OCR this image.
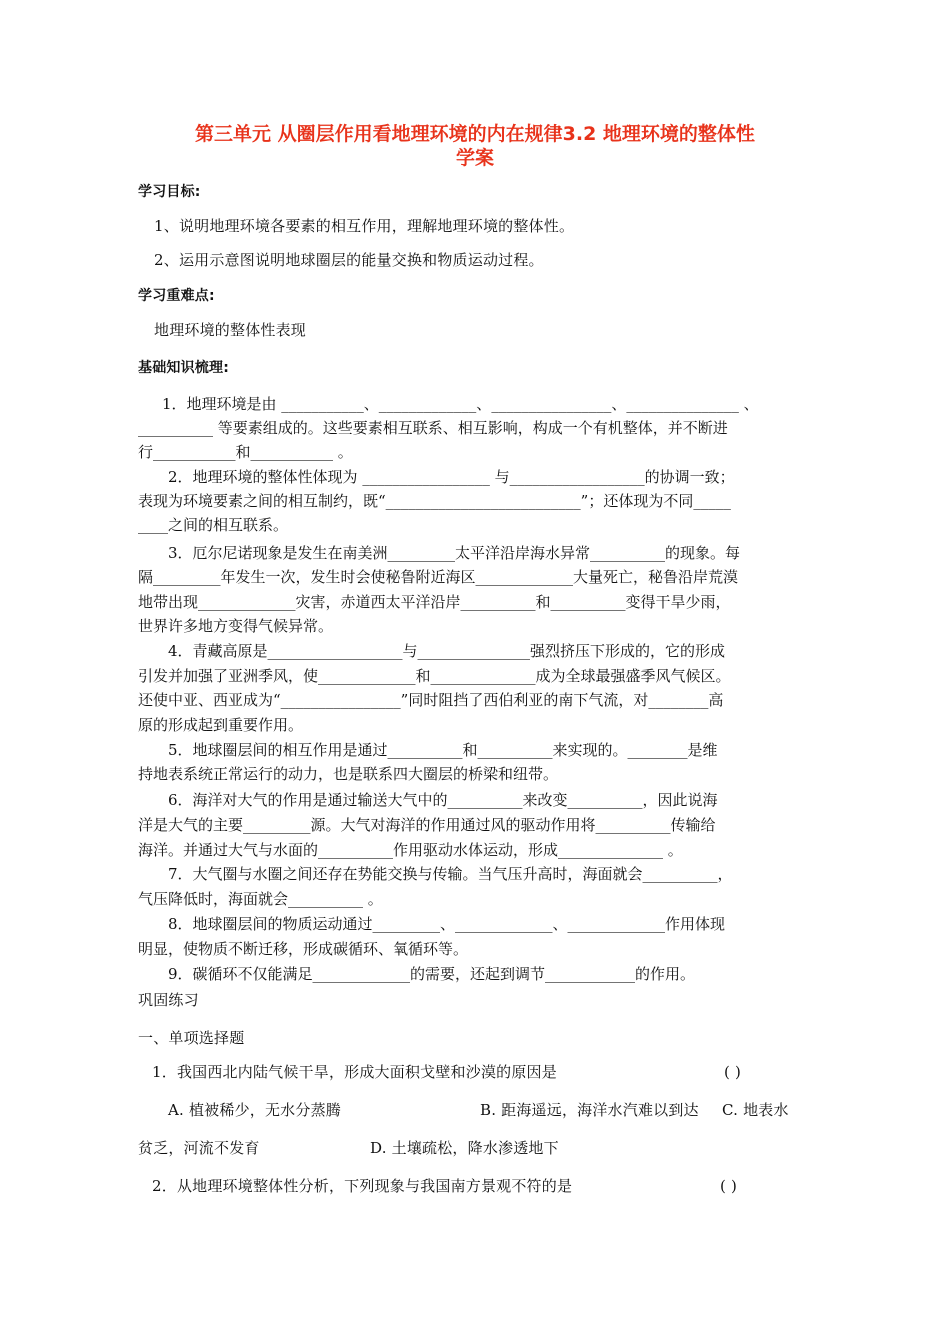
第三单元 从圈层作用看地理环境的内在规律3.2 地理环境的整体性
学案
学习目标:
1、说明地理环境各要素的相互作用，理解地理环境的整体性。
2、运用示意图说明地球圈层的能量交换和物质运动过程。
学习重难点:
地理环境的整体性表现
基础知识梳理:
1．地理环境是由 ___________、_____________、________________、_______________ 、
__________ 等要素组成的。这些要素相互联系、相互影响，构成一个有机整体，并不断进
行___________和___________ 。
2．地理环境的整体性体现为 _________________ 与__________________的协调一致；
表现为环境要素之间的相互制约，既“__________________________”；还体现为不同_____
____之间的相互联系。
3．厄尔尼诺现象是发生在南美洲_________太平洋沿岸海水异常__________的现象。每
隔_________年发生一次，发生时会使秘鲁附近海区_____________大量死亡，秘鲁沿岸荒漠
地带出现_____________灾害，赤道西太平洋沿岸__________和__________变得干旱少雨，
世界许多地方变得气候异常。
4．青藏高原是__________________与_______________强烈挤压下形成的，它的形成
引发并加强了亚洲季风，使_____________和______________成为全球最强盛季风气候区。
还使中亚、西亚成为“________________”同时阻挡了西伯利亚的南下气流，对________高
原的形成起到重要作用。
5．地球圈层间的相互作用是通过__________和__________来实现的。________是维
持地表系统正常运行的动力，也是联系四大圈层的桥梁和纽带。
6．海洋对大气的作用是通过输送大气中的__________来改变__________，因此说海
洋是大气的主要_________源。大气对海洋的作用通过风的驱动作用将__________传输给
海洋。并通过大气与水面的__________作用驱动水体运动，形成______________ 。
7．大气圈与水圈之间还存在势能交换与传输。当气压升高时，海面就会__________，
气压降低时，海面就会__________ 。
8．地球圈层间的物质运动通过_________、_____________、_____________作用体现
明显，使物质不断迁移，形成碳循环、氧循环等。
9．碳循环不仅能满足_____________的需要，还起到调节____________的作用。
巩固练习
一、单项选择题
1．我国西北内陆气候干旱，形成大面积戈壁和沙漠的原因是	( )
A. 植被稀少，无水分蒸腾	B. 距海遥远，海洋水汽难以到达 C. 地表水
贫乏，河流不发育	D. 土壤疏松，降水渗透地下
2．从地理环境整体性分析，下列现象与我国南方景观不符的是	( )
